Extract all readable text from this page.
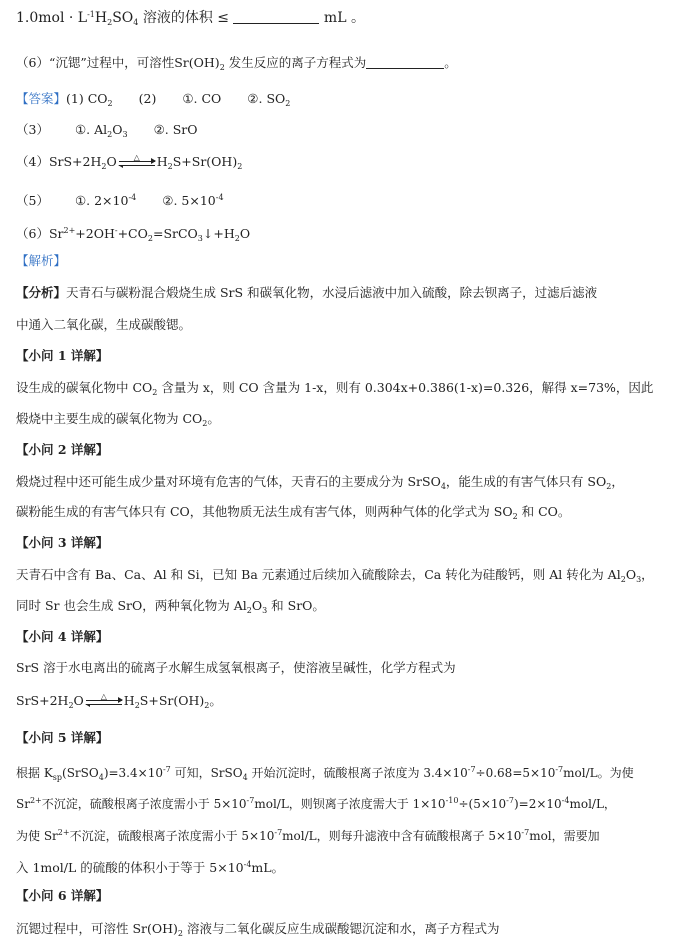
$1.0mol \cdot L^{-1}H_2SO_4$ 溶液的体积 ≤	mL 。
（6）“沉锶”过程中，可溶性$Sr(OH)_2$ 发生反应的离子方程式为	。
【答案】(1) $CO_2$ (2) ①. CO ②. $SO_2$
（3） ①. $Al_2O_3$ ②. SrO
$(4)SrS+2H_2O$	△	$H_2S+Sr(OH)_2$
（5） ①. $2\times 10^{-4}$ ②. $5\times 10^{-4}$
$(6)Sr^{2+}+2OH^-+CO_2=SrCO_3↓+H_2O$
【解析】
【分析】天青石与碳粉混合煅烧生成 SrS 和碳氧化物，水浸后滤液中加入硫酸，除去钡离子，过滤后滤液
中通入二氧化碳，生成碳酸锶。
【小问 1 详解】
设生成的碳氧化物中 $CO_2$ 含量为 x，则 CO 含量为 1-x，则有 0.304x+0.386(1-x)=0.326，解得 x=73%，因此
煅烧中主要生成的碳氧化物为 $CO_2$。
【小问 2 详解】
煅烧过程中还可能生成少量对环境有危害的气体，天青石的主要成分为 SrSO$_4$，能生成的有害气体只有 $SO_2$，
碳粉能生成的有害气体只有 CO，其他物质无法生成有害气体，则两种气体的化学式为 $SO_2$ 和 CO。
【小问 3 详解】
天青石中含有 Ba、Ca、Al 和 Si，已知 Ba 元素通过后续加入硫酸除去，Ca 转化为硅酸钙，则 Al 转化为 $Al_2O_3$，
同时 Sr 也会生成 SrO，两种氧化物为 $Al_2O_3$ 和 SrO。
【小问 4 详解】
SrS 溶于水电离出的硫离子水解生成氢氧根离子，使溶液呈碱性，化学方程式为
$SrS+2H_2O$	△	$H_2S+Sr(OH)_2$。
【小问 5 详解】
根据 $K_{sp}(SrSO_4)=3.4\times 10^{-7}$ 可知，SrSO$_4$ 开始沉淀时，硫酸根离子浓度为 $3.4\times 10^{-7}\div 0.68=5\times 10^{-7}mol/L$。为使
$Sr^{2+}$不沉淀，硫酸根离子浓度需小于 $5\times 10^{-7}mol/L$，则钡离子浓度需大于 $1\times 10^{-10}\div(5\times 10^{-7})=2\times 10^{-4}mol/L$，
为使 $Sr^{2+}$不沉淀，硫酸根离子浓度需小于 $5\times 10^{-7}mol/L$，则每升滤液中含有硫酸根离子 $5\times 10^{-7}mol$，需要加
入 1mol/L 的硫酸的体积小于等于 $5\times 10^{-4}mL$。
【小问 6 详解】
沉锶过程中，可溶性 $Sr(OH)_2$ 溶液与二氧化碳反应生成碳酸锶沉淀和水，离子方程式为
